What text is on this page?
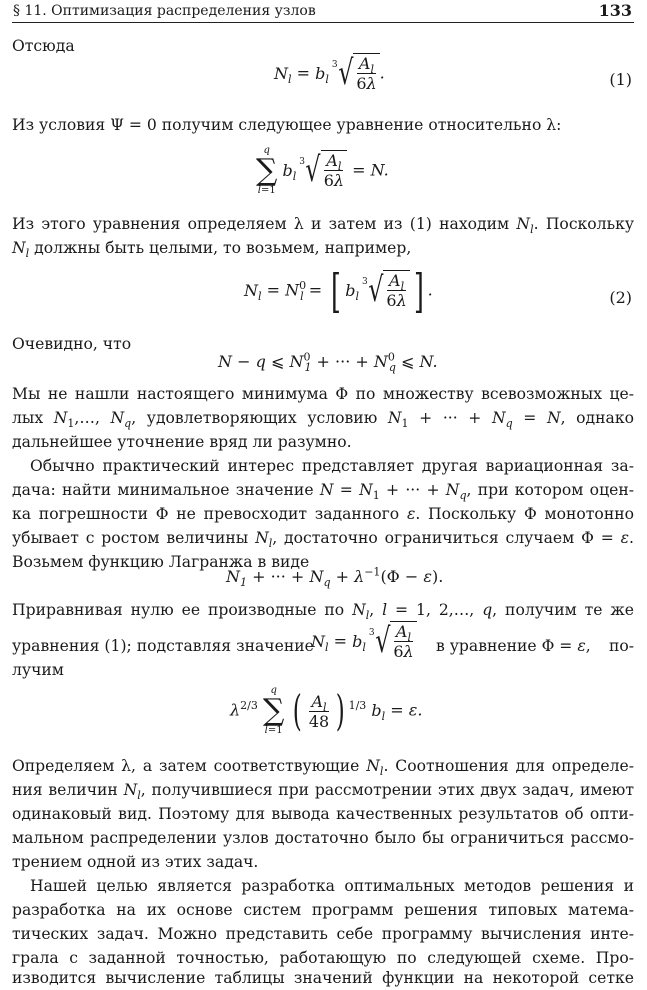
§ 11. Оптимизация распределения узлов	133
Отсюда
$N_l = b_l$
3 √ $\frac{A_l}{6\lambda}$ .	(1)
Из условия Ψ = 0 получим следующее уравнение относительно λ:
q
∑
l=1
$b_l$
3 √ $\frac{A_l}{6\lambda} = N$.
Из этого уравнения определяем λ и затем из (1) находим $N_l$. Поскольку
$N_l$ должны быть целыми, то возьмем, например,
$N_l = N^0_l$ = [ $b_l$
3 √ $\frac{A_l}{6\lambda}$ ] .	(2)
Очевидно, что
N − q ⩽ $N^0_1$ + ··· + $N^0_q$ ⩽ N.
Мы не нашли настоящего минимума Φ по множеству всевозможных це-
лых $N_1,\dots$, $N_q$, удовлетворяющих условию $N_1$ + ··· + $N_q = N$, однако
дальнейшее уточнение вряд ли разумно.
Обычно практический интерес представляет другая вариационная за-
дача: найти минимальное значение $N = N_1$ + ··· + $N_q$, при котором оцен-
ка погрешности Φ не превосходит заданного ε. Поскольку Φ монотонно
убывает с ростом величины $N_l$, достаточно ограничиться случаем Φ = ε.
Возьмем функцию Лагранжа в виде
$N_1$ + ··· + $N_q + \lambda^{-1}(\Phi - \varepsilon)$.
Приравнивая нулю ее производные по $N_l$, l = 1, 2,…, q, получим те же
уравнения (1); подставляя значение
$N_l = b_l$
3 √ $\frac{A_l}{6\lambda}$ в уравнение Φ = ε, по-
лучим
$\lambda^{2/3}$
q
∑
l=1 ( $\frac{A_l}{48}$ ) $^{1/3}$ $b_l = \varepsilon$.
Определяем λ, а затем соответствующие $N_l$. Соотношения для определе-
ния величин $N_l$, получившиеся при рассмотрении этих двух задач, имеют
одинаковый вид. Поэтому для вывода качественных результатов об опти-
мальном распределении узлов достаточно было бы ограничиться рассмо-
трением одной из этих задач.
Нашей целью является разработка оптимальных методов решения и
разработка на их основе систем программ решения типовых матема-
тических задач. Можно представить себе программу вычисления инте-
грала с заданной точностью, работающую по следующей схеме. Про-
изводится вычисление таблицы значений функции на некоторой сетке
